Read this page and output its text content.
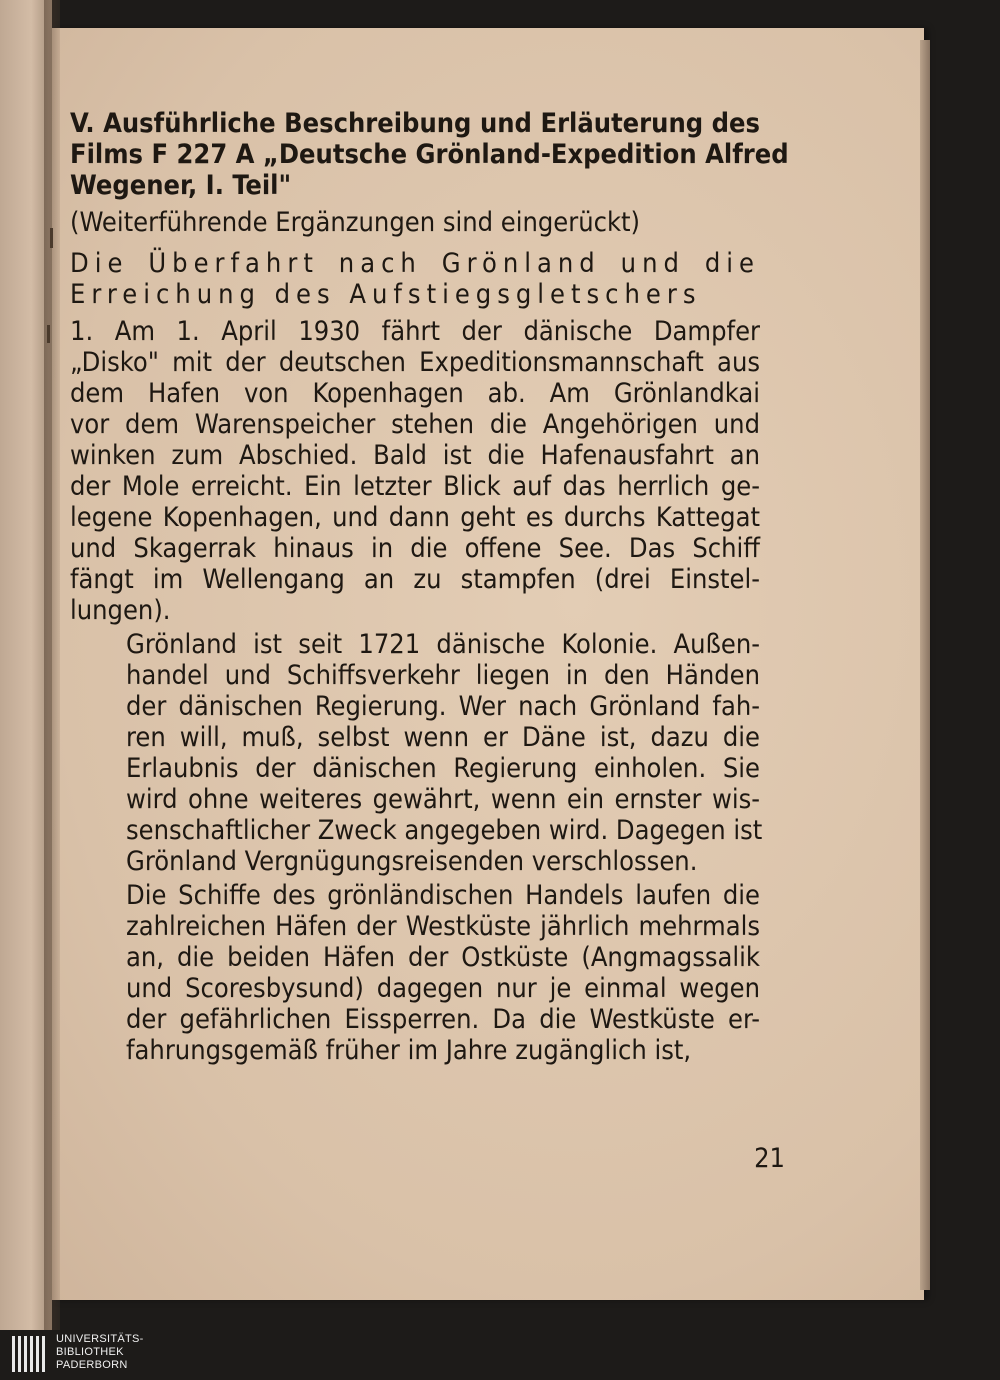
V. Ausführliche Beschreibung und Erläuterung des
Films F 227 A „Deutsche Grönland-Expedition Alfred
Wegener, I. Teil"
(Weiterführende Ergänzungen sind eingerückt)
Die Überfahrt nach Grönland und die
Erreichung des Aufstiegsgletschers
1. Am 1. April 1930 fährt der dänische Dampfer
„Disko" mit der deutschen Expeditionsmannschaft aus
dem Hafen von Kopenhagen ab. Am Grönlandkai
vor dem Warenspeicher stehen die Angehörigen und
winken zum Abschied. Bald ist die Hafenausfahrt an
der Mole erreicht. Ein letzter Blick auf das herrlich ge-
legene Kopenhagen, und dann geht es durchs Kattegat
und Skagerrak hinaus in die offene See. Das Schiff
fängt im Wellengang an zu stampfen (drei Einstel-
lungen).
Grönland ist seit 1721 dänische Kolonie. Außen-
handel und Schiffsverkehr liegen in den Händen
der dänischen Regierung. Wer nach Grönland fah-
ren will, muß, selbst wenn er Däne ist, dazu die
Erlaubnis der dänischen Regierung einholen. Sie
wird ohne weiteres gewährt, wenn ein ernster wis-
senschaftlicher Zweck angegeben wird. Dagegen ist
Grönland Vergnügungsreisenden verschlossen.
Die Schiffe des grönländischen Handels laufen die
zahlreichen Häfen der Westküste jährlich mehrmals
an, die beiden Häfen der Ostküste (Angmagssalik
und Scoresbysund) dagegen nur je einmal wegen
der gefährlichen Eissperren. Da die Westküste er-
fahrungsgemäß früher im Jahre zugänglich ist,
21
UNIVERSITÄTS-
BIBLIOTHEK
PADERBORN
